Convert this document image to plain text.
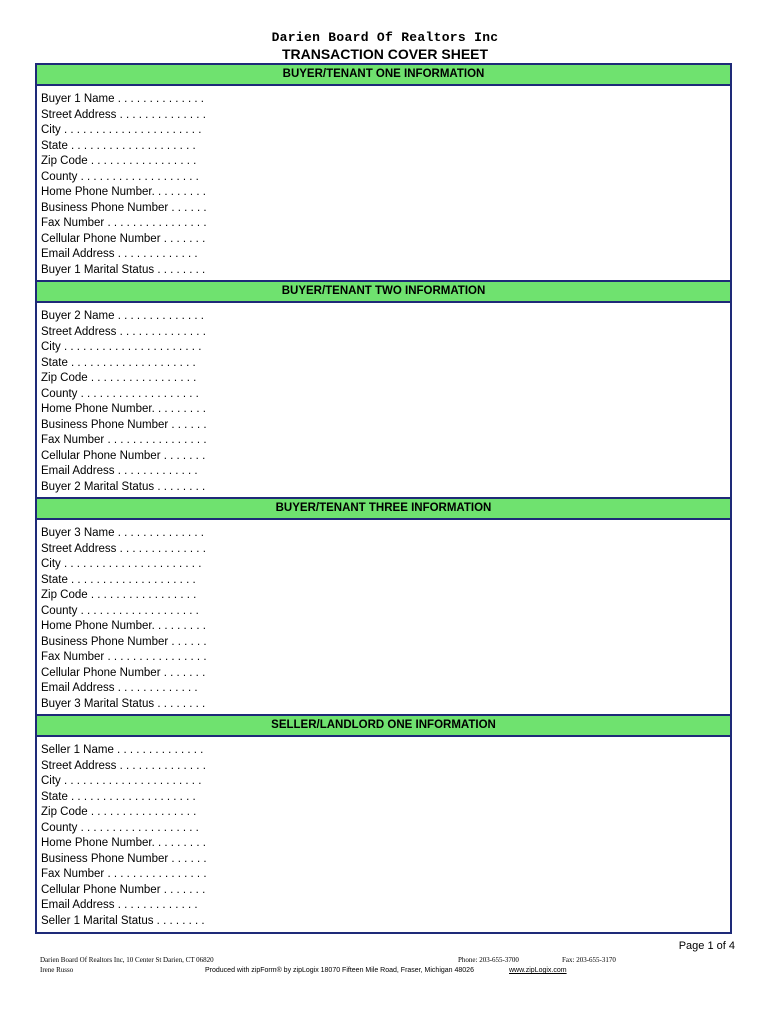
Darien Board Of Realtors Inc
TRANSACTION COVER SHEET
BUYER/TENANT ONE INFORMATION
Buyer 1 Name . . . . . . . . . . . . . .
Street Address . . . . . . . . . . . . . .
City . . . . . . . . . . . . . . . . . . . . . .
State . . . . . . . . . . . . . . . . . . . .
Zip Code . . . . . . . . . . . . . . . . .
County . . . . . . . . . . . . . . . . . . .
Home Phone Number. . . . . . . . .
Business Phone Number . . . . . .
Fax Number . . . . . . . . . . . . . . . .
Cellular Phone Number . . . . . . .
Email Address . . . . . . . . . . . . .
Buyer 1 Marital Status . . . . . . . .
BUYER/TENANT TWO INFORMATION
Buyer 2 Name . . . . . . . . . . . . . .
Street Address . . . . . . . . . . . . . .
City . . . . . . . . . . . . . . . . . . . . . .
State . . . . . . . . . . . . . . . . . . . .
Zip Code . . . . . . . . . . . . . . . . .
County . . . . . . . . . . . . . . . . . . .
Home Phone Number. . . . . . . . .
Business Phone Number . . . . . .
Fax Number . . . . . . . . . . . . . . . .
Cellular Phone Number . . . . . . .
Email Address . . . . . . . . . . . . .
Buyer 2 Marital Status . . . . . . . .
BUYER/TENANT THREE INFORMATION
Buyer 3 Name . . . . . . . . . . . . . .
Street Address . . . . . . . . . . . . . .
City . . . . . . . . . . . . . . . . . . . . . .
State . . . . . . . . . . . . . . . . . . . .
Zip Code . . . . . . . . . . . . . . . . .
County . . . . . . . . . . . . . . . . . . .
Home Phone Number. . . . . . . . .
Business Phone Number . . . . . .
Fax Number . . . . . . . . . . . . . . . .
Cellular Phone Number . . . . . . .
Email Address . . . . . . . . . . . . .
Buyer 3 Marital Status . . . . . . . .
SELLER/LANDLORD ONE INFORMATION
Seller 1 Name . . . . . . . . . . . . . .
Street Address . . . . . . . . . . . . . .
City . . . . . . . . . . . . . . . . . . . . . .
State . . . . . . . . . . . . . . . . . . . .
Zip Code . . . . . . . . . . . . . . . . .
County . . . . . . . . . . . . . . . . . . .
Home Phone Number. . . . . . . . .
Business Phone Number . . . . . .
Fax Number . . . . . . . . . . . . . . . .
Cellular Phone Number . . . . . . .
Email Address . . . . . . . . . . . . .
Seller 1 Marital Status . . . . . . . .
Page 1 of 4
Darien Board Of Realtors Inc, 10 Center St Darien, CT 06820
Irene Russo
Phone: 203-655-3700	Fax: 203-655-3170
Produced with zipForm® by zipLogix 18070 Fifteen Mile Road, Fraser, Michigan 48026	www.zipLogix.com
